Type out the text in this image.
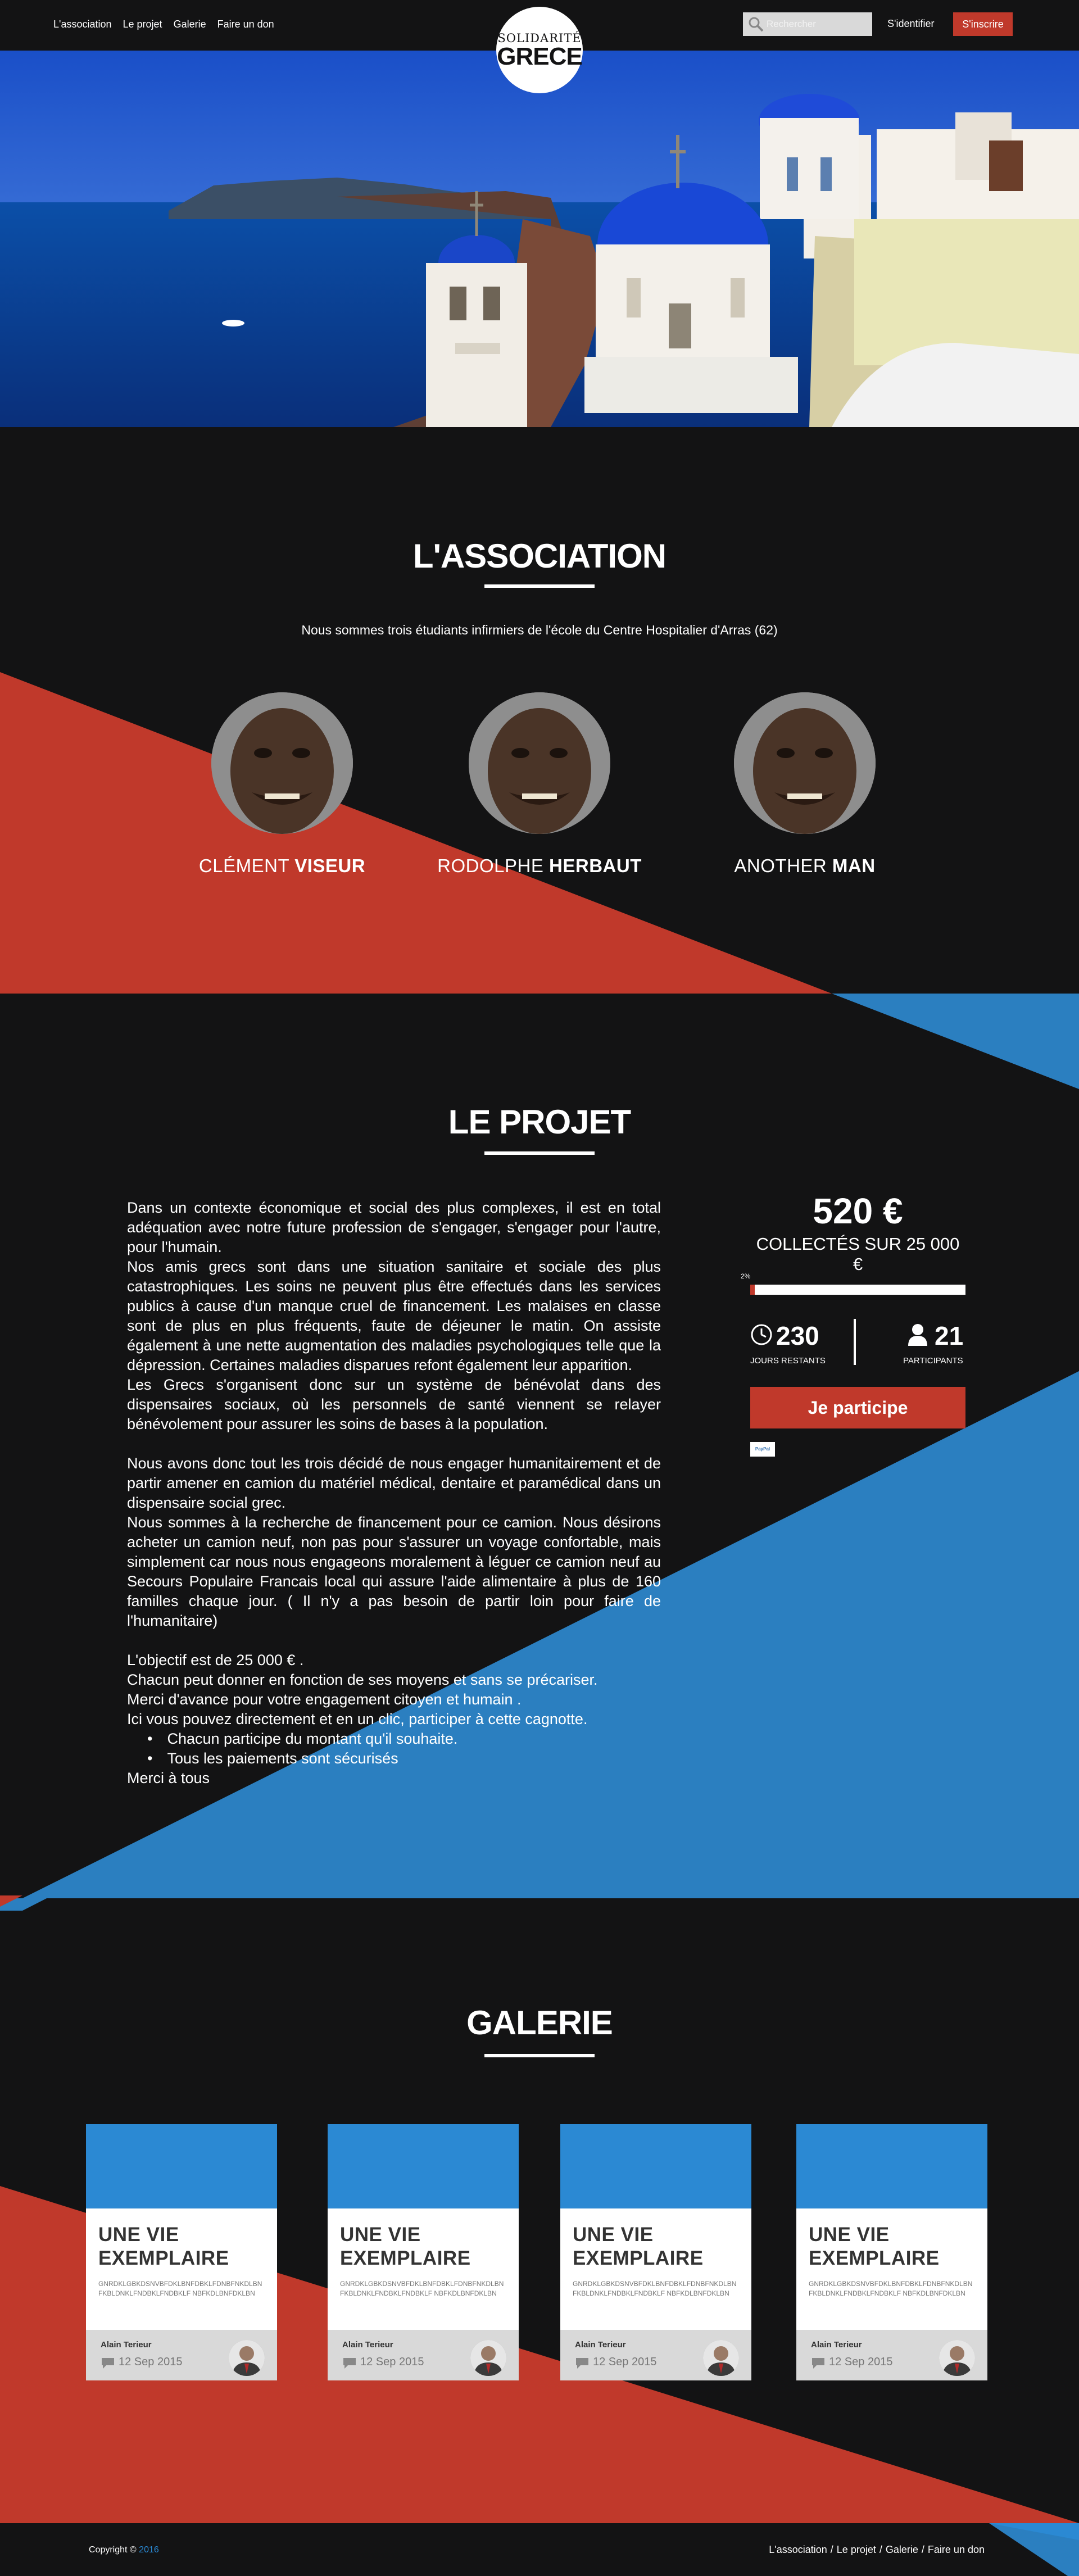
L'association Le projet Galerie Faire un don
Rechercher	S'identifier	S'inscrire
SOLIDARITÉ
GRECE
L'ASSOCIATION
Nous sommes trois étudiants infirmiers de l'école du Centre Hospitalier d'Arras (62)
CLÉMENT VISEUR	RODOLPHE HERBAUT	ANOTHER MAN
LE PROJET

Dans un contexte économique et social des plus complexes, il est en total adéquation avec notre future profession de s'engager, s'engager pour l'autre, pour l'humain.

Nos amis grecs sont dans une situation sanitaire et sociale des plus catastrophiques. Les soins ne peuvent plus être effectués dans les services publics à cause d'un manque cruel de financement. Les malaises en classe sont de plus en plus fréquents, faute de déjeuner le matin. On assiste également à une nette augmentation des maladies psychologiques telle que la dépression. Certaines maladies disparues refont également leur apparition.

Les Grecs s'organisent donc sur un système de bénévolat dans des dispensaires sociaux, où les personnels de santé viennent se relayer bénévolement pour assurer les soins de bases à la population.

Nous avons donc tout les trois décidé de nous engager humanitairement et de partir amener en camion du matériel médical, dentaire et paramédical dans un dispensaire social grec.

Nous sommes à la recherche de financement pour ce camion. Nous désirons acheter un camion neuf, non pas pour s'assurer un voyage confortable, mais simplement car nous nous engageons moralement à léguer ce camion neuf au Secours Populaire Francais local qui assure l'aide alimentaire à plus de 160 familles chaque jour. ( Il n'y a pas besoin de partir loin pour faire de l'humanitaire)

L'objectif est de 25 000 € .

Chacun peut donner en fonction de ses moyens et sans se précariser.

Merci d'avance pour votre engagement citoyen et humain .

Ici vous pouvez directement et en un clic, participer à cette cagnotte.

• Chacun participe du montant qu'il souhaite.
• Tous les paiements sont sécurisés

Merci à tous

520 €
COLLECTÉS SUR 25 000 €
2%
230
JOURS RESTANTS
21
PARTICIPANTS
Je participe
PayPal
GALERIE
UNE VIE EXEMPLAIRE
GNRDKLGBKDSNVBFDKLBNFDBKLFDNBFNKDLBNFKBLDNKLFNDBKLFNDBKLF NBFKDLBNFDKLBN
Alain Terieur
12 Sep 2015
UNE VIE EXEMPLAIRE
GNRDKLGBKDSNVBFDKLBNFDBKLFDNBFNKDLBNFKBLDNKLFNDBKLFNDBKLF NBFKDLBNFDKLBN
Alain Terieur
12 Sep 2015
UNE VIE EXEMPLAIRE
GNRDKLGBKDSNVBFDKLBNFDBKLFDNBFNKDLBNFKBLDNKLFNDBKLFNDBKLF NBFKDLBNFDKLBN
Alain Terieur
12 Sep 2015
UNE VIE EXEMPLAIRE
GNRDKLGBKDSNVBFDKLBNFDBKLFDNBFNKDLBNFKBLDNKLFNDBKLFNDBKLF NBFKDLBNFDKLBN
Alain Terieur
12 Sep 2015
Copyright © 2016	L'association / Le projet / Galerie / Faire un don
